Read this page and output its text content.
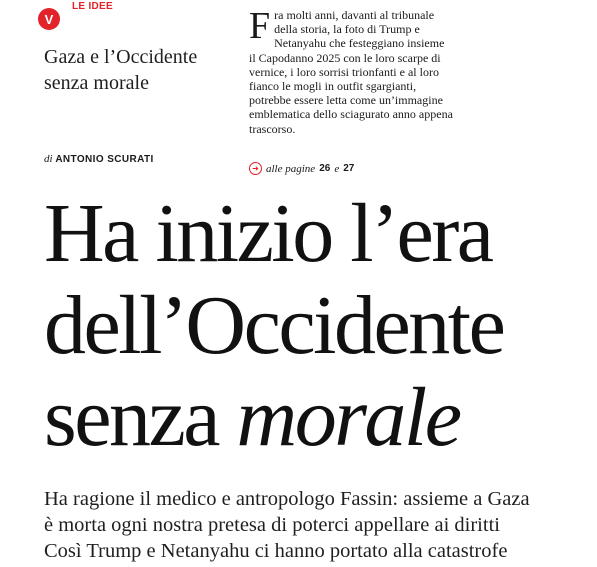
V
LE IDEE
Gaza e l’Occidente
senza morale
di ANTONIO SCURATI
Fra molti anni, davanti al tribunale della storia, la foto di Trump e Netanyahu che festeggiano insieme il Capodanno 2025 con le loro scarpe di vernice, i loro sorrisi trionfanti e al loro fianco le mogli in outfit sgargianti, potrebbe essere letta come un’immagine emblematica dello sciagurato anno appena trascorso.
➜ alle pagine 26 e 27
Ha inizio l’era
dell’Occidente
senza morale
Ha ragione il medico e antropologo Fassin: assieme a Gaza
è morta ogni nostra pretesa di poterci appellare ai diritti
Così Trump e Netanyahu ci hanno portato alla catastrofe
